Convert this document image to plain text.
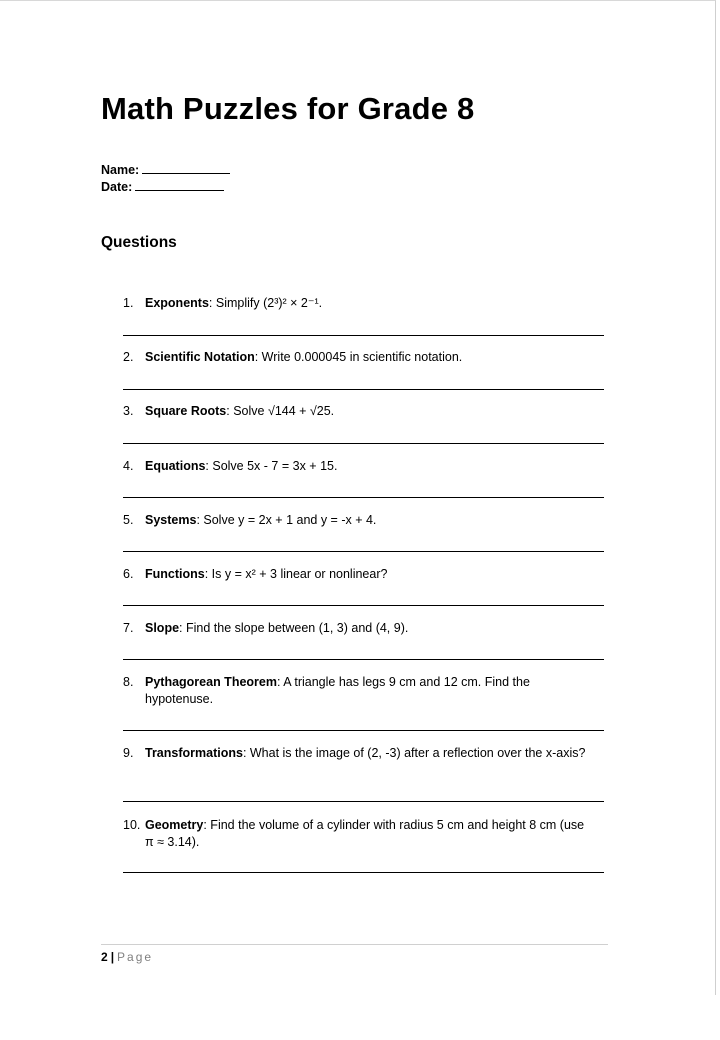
Math Puzzles for Grade 8
Name:
Date:
Questions
1. Exponents: Simplify (2³)² × 2⁻¹.
2. Scientific Notation: Write 0.000045 in scientific notation.
3. Square Roots: Solve √144 + √25.
4. Equations: Solve 5x - 7 = 3x + 15.
5. Systems: Solve y = 2x + 1 and y = -x + 4.
6. Functions: Is y = x² + 3 linear or nonlinear?
7. Slope: Find the slope between (1, 3) and (4, 9).
8. Pythagorean Theorem: A triangle has legs 9 cm and 12 cm. Find the hypotenuse.
9. Transformations: What is the image of (2, -3) after a reflection over the x-axis?
10. Geometry: Find the volume of a cylinder with radius 5 cm and height 8 cm (use π ≈ 3.14).
2 | Page
